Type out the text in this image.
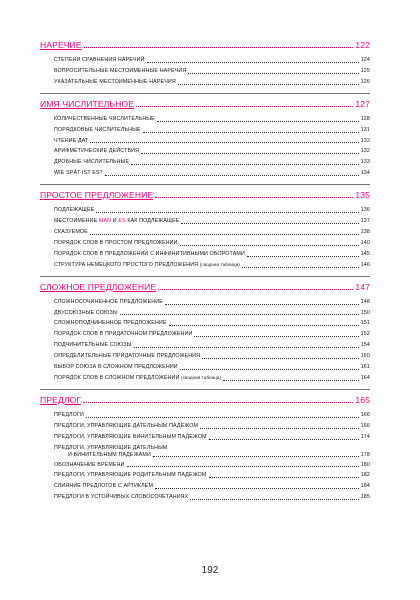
НАРЕЧИЕ	122
СТЕПЕНИ СРАВНЕНИЯ НАРЕЧИЙ	124
ВОПРОСИТЕЛЬНЫЕ МЕСТОИМЕННЫЕ НАРЕЧИЯ	125
УКАЗАТЕЛЬНЫЕ МЕСТОИМЕННЫЕ НАРЕЧИЯ	126
ИМЯ ЧИСЛИТЕЛЬНОЕ	127
КОЛИЧЕСТВЕННЫЕ ЧИСЛИТЕЛЬНЫЕ	128
ПОРЯДКОВЫЕ ЧИСЛИТЕЛЬНЫЕ	131
ЧТЕНИЕ ДАТ	132
АРИФМЕТИЧЕСКИЕ ДЕЙСТВИЯ	132
ДРОБНЫЕ ЧИСЛИТЕЛЬНЫЕ	133
WIE SPÄT IST ES?	134
ПРОСТОЕ ПРЕДЛОЖЕНИЕ	135
ПОДЛЕЖАЩЕЕ	136
МЕСТОИМЕНИЕ MAN И ES КАК ПОДЛЕЖАЩЕЕ	137
СКАЗУЕМОЕ	138
ПОРЯДОК СЛОВ В ПРОСТОМ ПРЕДЛОЖЕНИИ	140
ПОРЯДОК СЛОВ В ПРЕДЛОЖЕНИИ С ИНФИНИТИВНЫМИ ОБОРОТАМИ	145
СТРУКТУРА НЕМЕЦКОГО ПРОСТОГО ПРЕДЛОЖЕНИЯ
(сводная таблица)	146
СЛОЖНОЕ ПРЕДЛОЖЕНИЕ	147
СЛОЖНОСОЧИНЕННОЕ ПРЕДЛОЖЕНИЕ	148
ДВУСОЮЗНЫЕ СОЮЗЫ	150
СЛОЖНОПОДЧИНЕННОЕ ПРЕДЛОЖЕНИЕ	151
ПОРЯДОК СЛОВ В ПРИДАТОЧНОМ ПРЕДЛОЖЕНИИ	152
ПОДЧИНИТЕЛЬНЫЕ СОЮЗЫ	154
ОПРЕДЕЛИТЕЛЬНЫЕ ПРИДАТОЧНЫЕ ПРЕДЛОЖЕНИЯ	160
ВЫБОР СОЮЗА В СЛОЖНОМ ПРЕДЛОЖЕНИИ	161
ПОРЯДОК СЛОВ В СЛОЖНОМ ПРЕДЛОЖЕНИИ
(сводная таблица)	164
ПРЕДЛОГ	165
ПРЕДЛОГИ	166
ПРЕДЛОГИ, УПРАВЛЯЮЩИЕ ДАТЕЛЬНЫМ ПАДЕЖОМ	166
ПРЕДЛОГИ, УПРАВЛЯЮЩИЕ ВИНИТЕЛЬНЫМ ПАДЕЖОМ	174
ПРЕДЛОГИ, УПРАВЛЯЮЩИЕ ДАТЕЛЬНЫМ
И ВИНИТЕЛЬНЫМ ПАДЕЖАМИ	178
ОБОЗНАЧЕНИЕ ВРЕМЕНИ	180
ПРЕДЛОГИ, УПРАВЛЯЮЩИЕ РОДИТЕЛЬНЫМ ПАДЕЖОМ	182
СЛИЯНИЕ ПРЕДЛОГОВ С АРТИКЛЕМ	184
ПРЕДЛОГИ В УСТОЙЧИВЫХ СЛОВОСОЧЕТАНИЯХ	185
192
